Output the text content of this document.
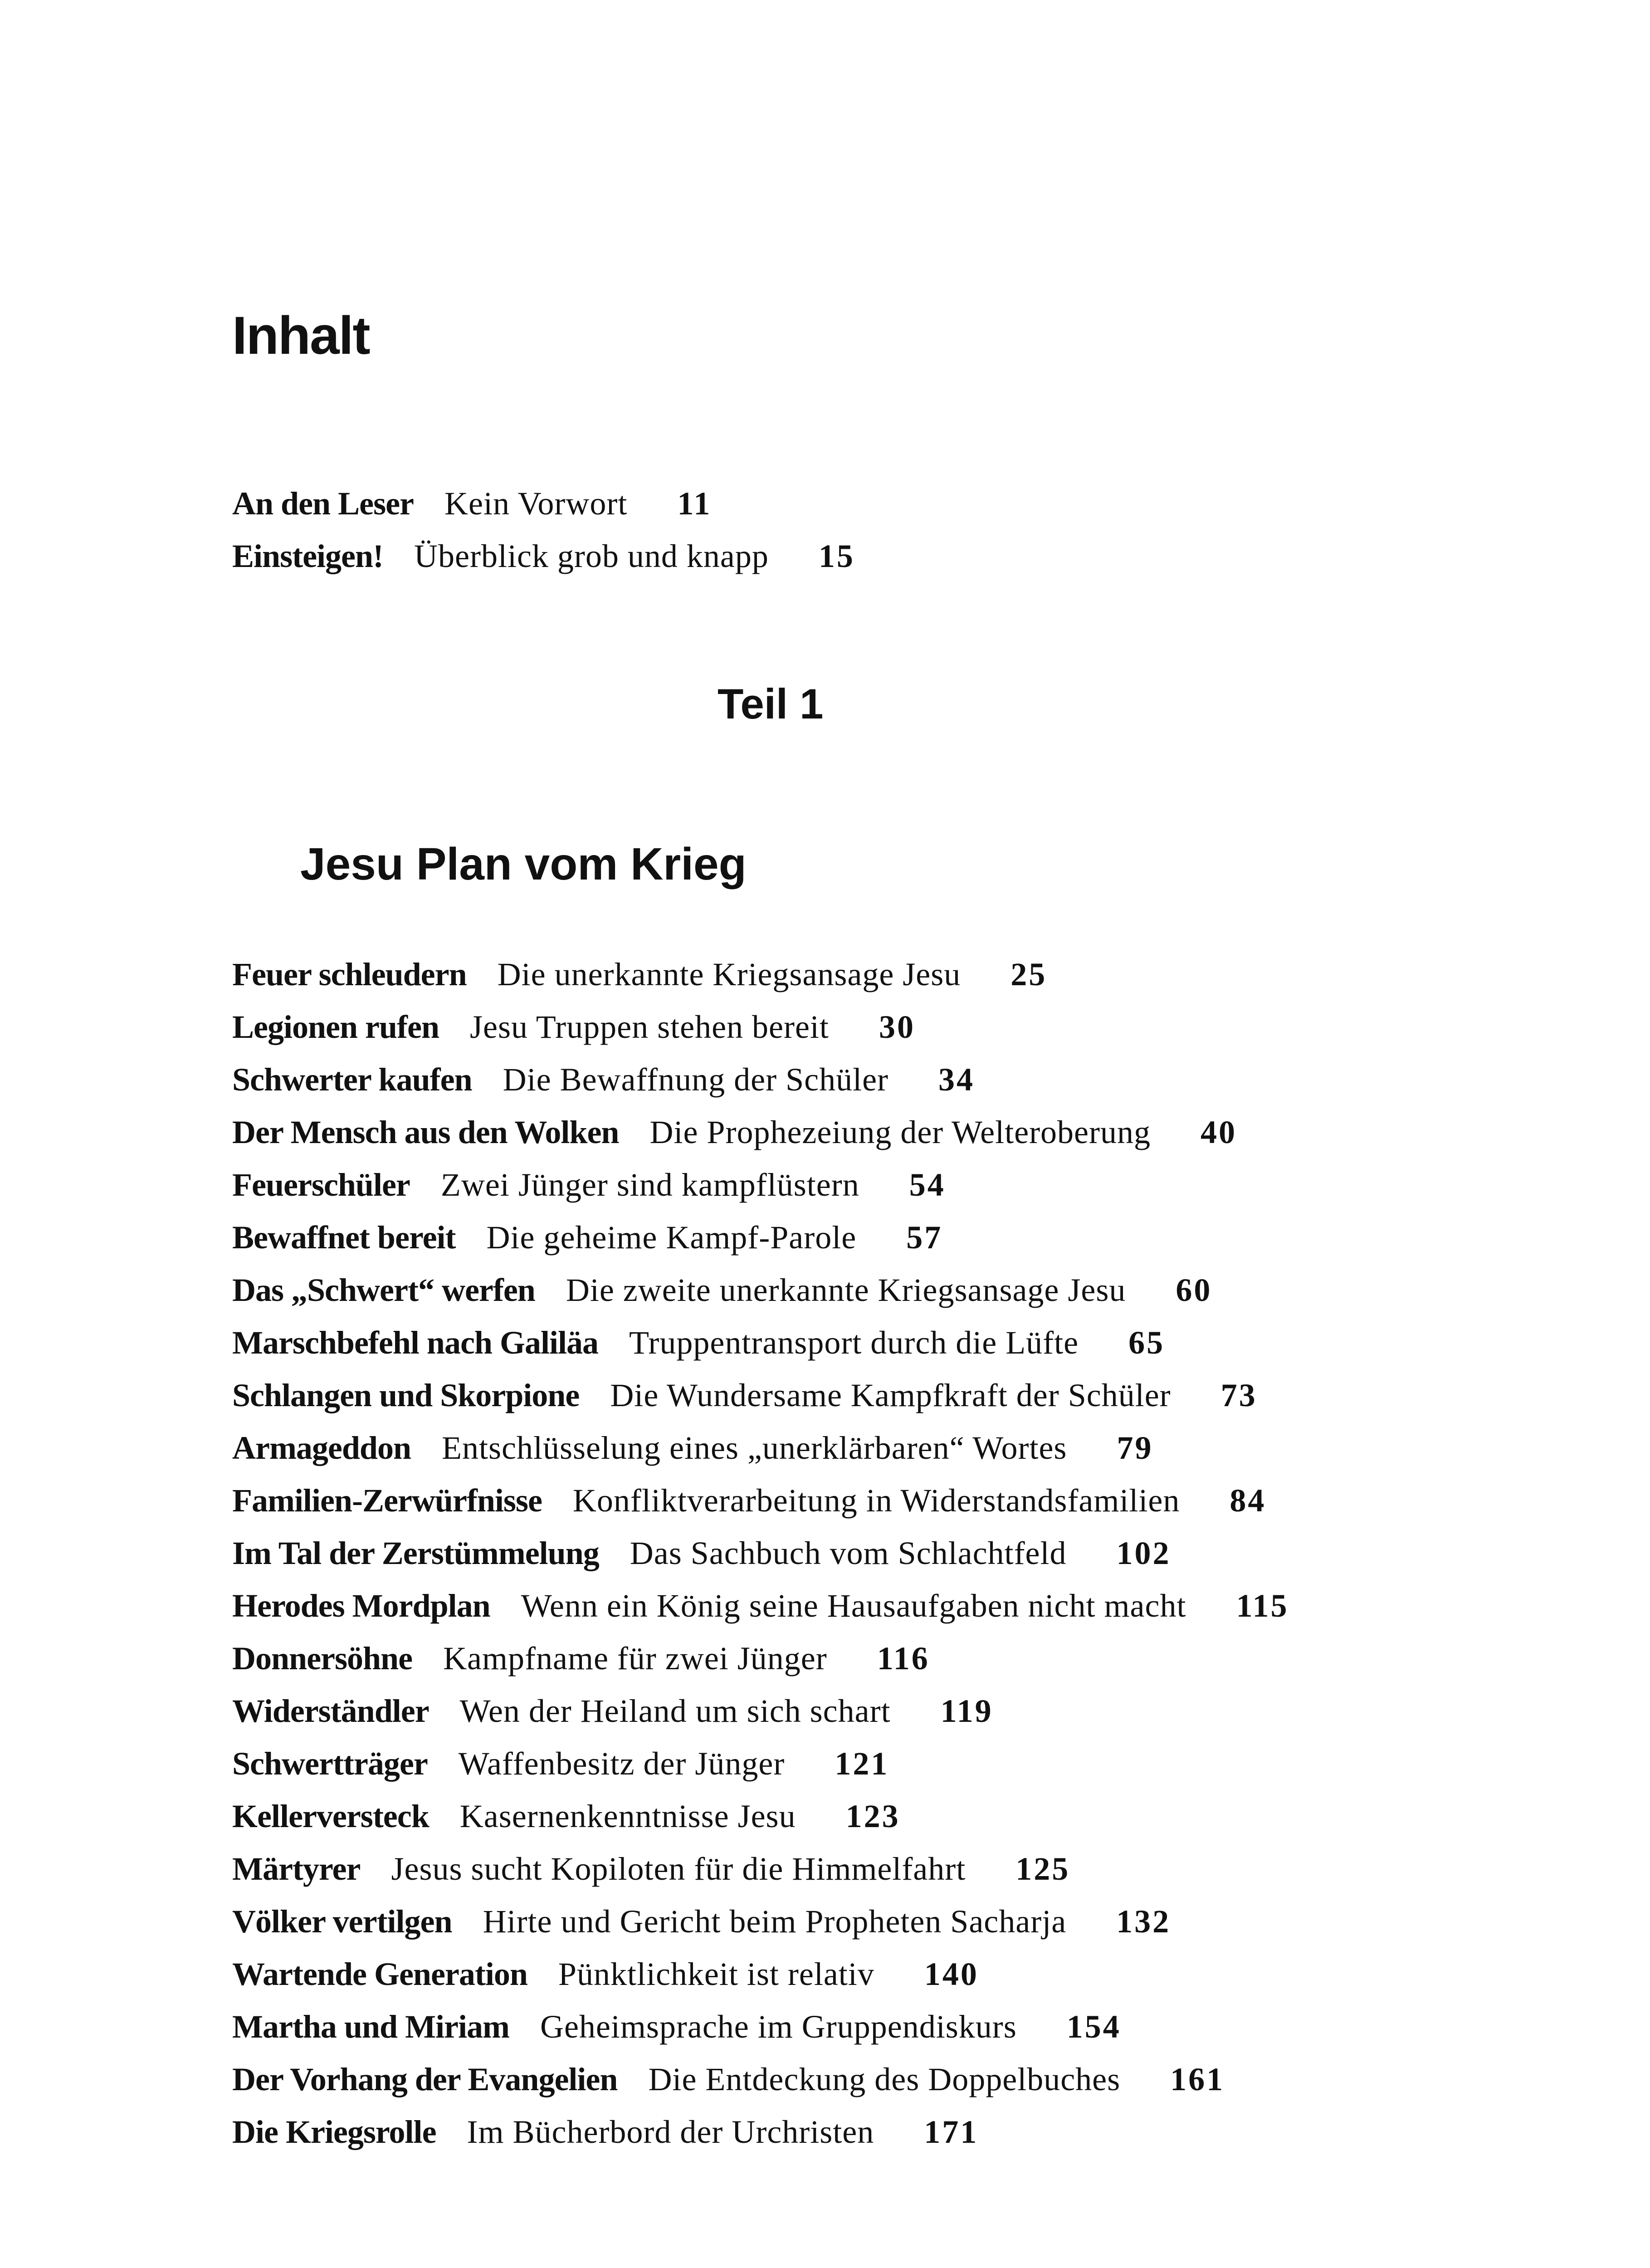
Inhalt

An den Leser Kein Vorwort 11

Einsteigen! Überblick grob und knapp 15

Teil 1
Jesu Plan vom Krieg

Feuer schleudern Die unerkannte Kriegsansage Jesu 25

Legionen rufen Jesu Truppen stehen bereit 30

Schwerter kaufen Die Bewaffnung der Schüler 34

Der Mensch aus den Wolken Die Prophezeiung der Welteroberung 40

Feuerschüler Zwei Jünger sind kampflüstern 54

Bewaffnet bereit Die geheime Kampf-Parole 57

Das „Schwert“ werfen Die zweite unerkannte Kriegsansage Jesu 60

Marschbefehl nach Galiläa Truppentransport durch die Lüfte 65

Schlangen und Skorpione Die Wundersame Kampfkraft der Schüler 73

Armageddon Entschlüsselung eines „unerklärbaren“ Wortes 79

Familien-Zerwürfnisse Konfliktverarbeitung in Widerstandsfamilien 84

Im Tal der Zerstümmelung Das Sachbuch vom Schlachtfeld 102

Herodes Mordplan Wenn ein König seine Hausaufgaben nicht macht 115

Donnersöhne Kampfname für zwei Jünger 116

Widerständler Wen der Heiland um sich schart 119

Schwertträger Waffenbesitz der Jünger 121

Kellerversteck Kasernenkenntnisse Jesu 123

Märtyrer Jesus sucht Kopiloten für die Himmelfahrt 125

Völker vertilgen Hirte und Gericht beim Propheten Sacharja 132

Wartende Generation Pünktlichkeit ist relativ 140

Martha und Miriam Geheimsprache im Gruppendiskurs 154

Der Vorhang der Evangelien Die Entdeckung des Doppelbuches 161

Die Kriegsrolle Im Bücherbord der Urchristen 171
